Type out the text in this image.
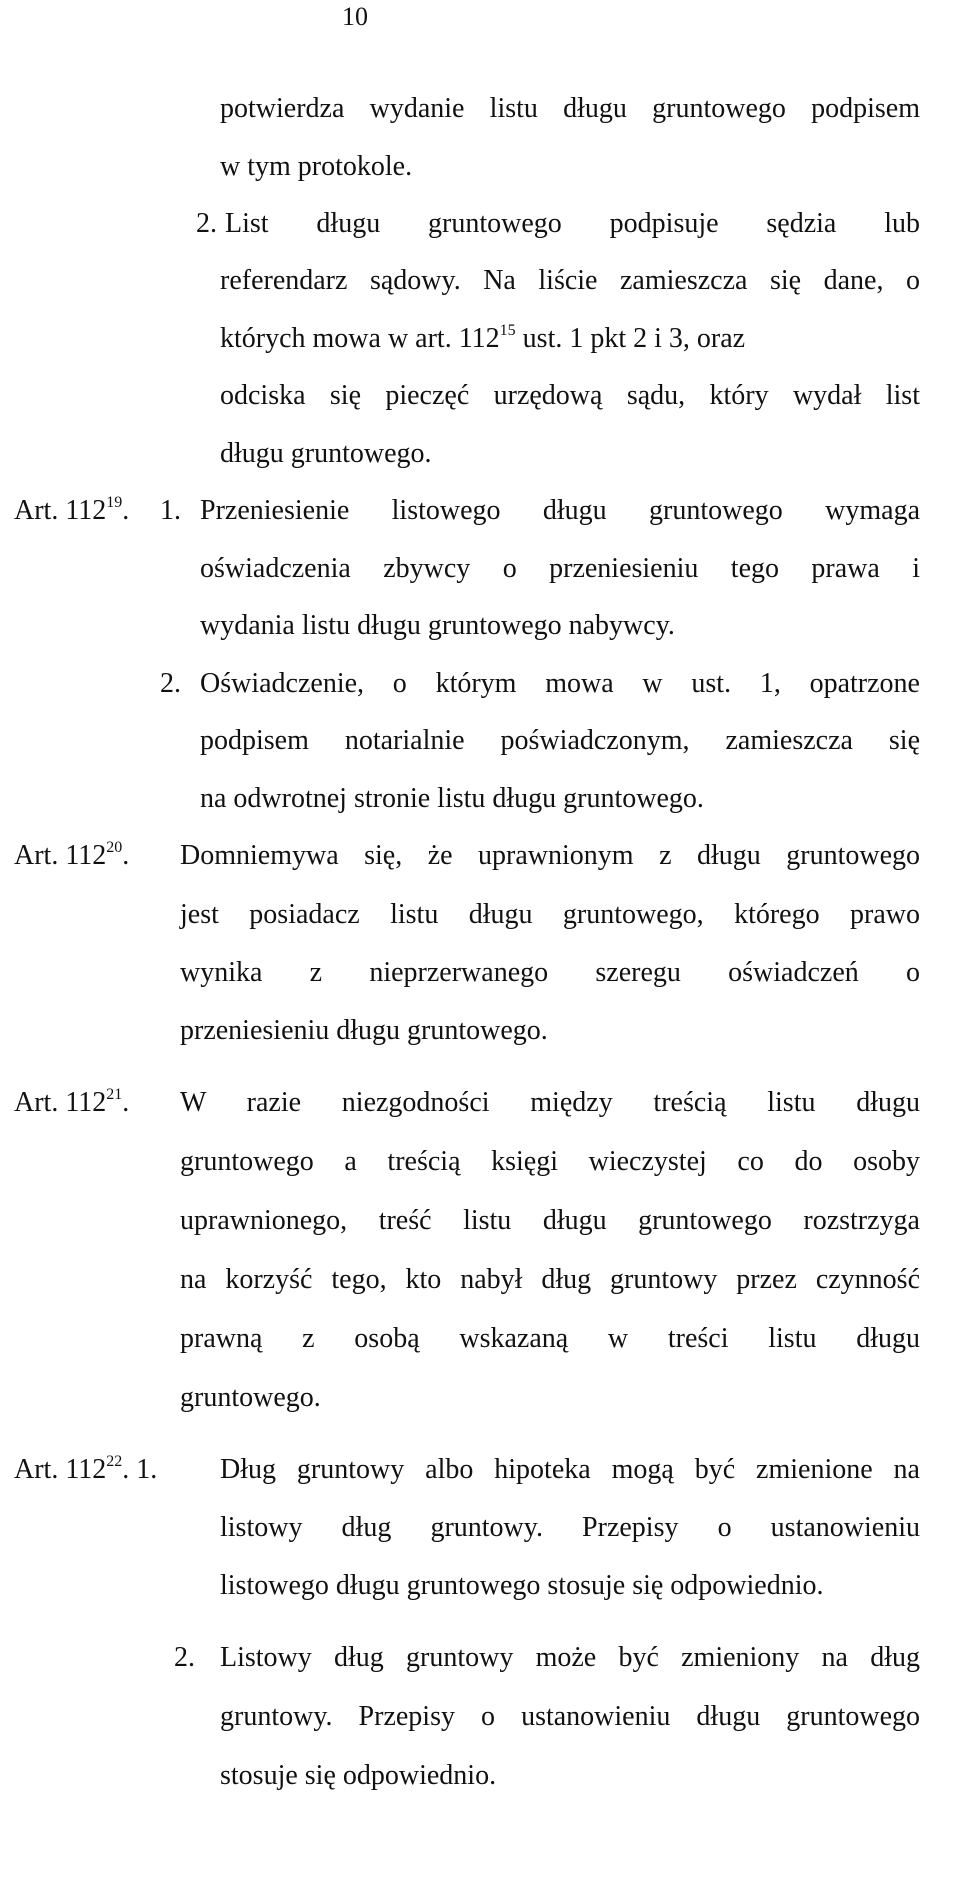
10
potwierdza wydanie listu długu gruntowego podpisem
w tym protokole.
2. List długu gruntowego podpisuje sędzia lub
referendarz sądowy. Na liście zamieszcza się dane, o
których mowa w art. $112^{15}$ ust. 1 pkt 2 i 3, oraz
odciska się pieczęć urzędową sądu, który wydał list
długu gruntowego.
Art. $112^{19}$. 1. Przeniesienie listowego długu gruntowego wymaga
oświadczenia zbywcy o przeniesieniu tego prawa i
wydania listu długu gruntowego nabywcy.
2. Oświadczenie, o którym mowa w ust. 1, opatrzone
podpisem notarialnie poświadczonym, zamieszcza się
na odwrotnej stronie listu długu gruntowego.
Art. $112^{20}$. Domniemywa się, że uprawnionym z długu gruntowego
jest posiadacz listu długu gruntowego, którego prawo
wynika z nieprzerwanego szeregu oświadczeń o
przeniesieniu długu gruntowego.
Art. $112^{21}$. W razie niezgodności między treścią listu długu
gruntowego a treścią księgi wieczystej co do osoby
uprawnionego, treść listu długu gruntowego rozstrzyga
na korzyść tego, kto nabył dług gruntowy przez czynność
prawną z osobą wskazaną w treści listu długu
gruntowego.
Art. $112^{22}$. 1. Dług gruntowy albo hipoteka mogą być zmienione na
listowy dług gruntowy. Przepisy o ustanowieniu
listowego długu gruntowego stosuje się odpowiednio.
2. Listowy dług gruntowy może być zmieniony na dług
gruntowy. Przepisy o ustanowieniu długu gruntowego
stosuje się odpowiednio.
